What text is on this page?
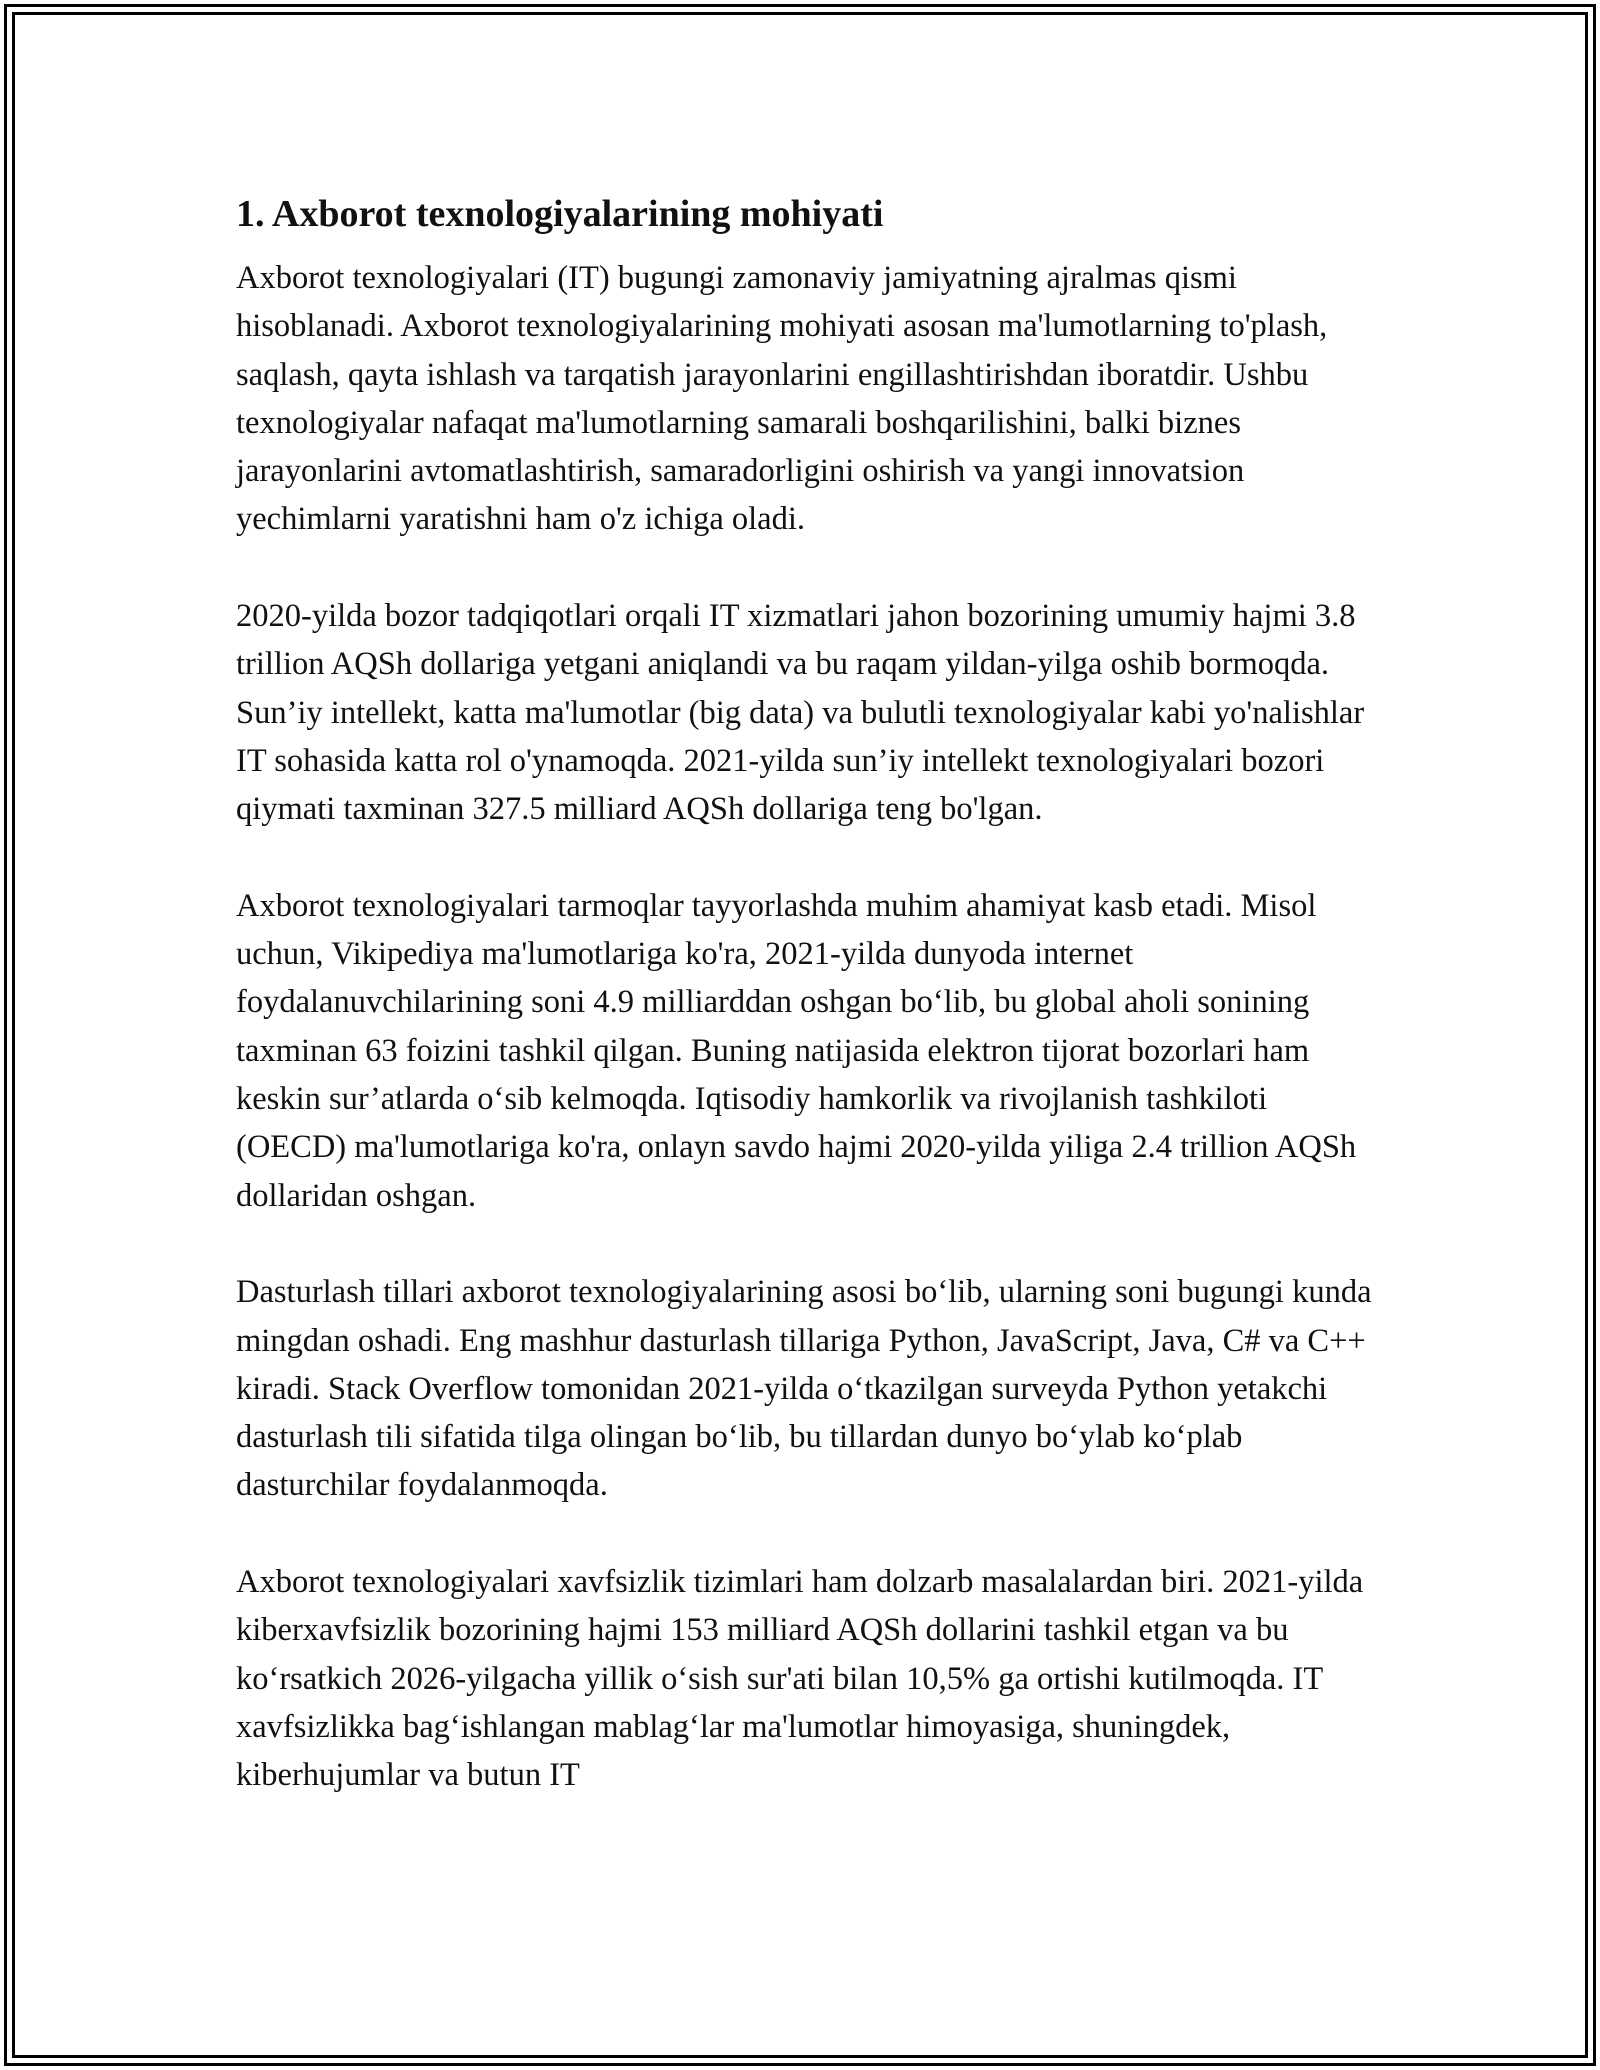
1. Axborot texnologiyalarining mohiyati

Axborot texnologiyalari (IT) bugungi zamonaviy jamiyatning ajralmas qismi hisoblanadi. Axborot texnologiyalarining mohiyati asosan ma'lumotlarning to'plash, saqlash, qayta ishlash va tarqatish jarayonlarini engillashtirishdan iboratdir. Ushbu texnologiyalar nafaqat ma'lumotlarning samarali boshqarilishini, balki biznes jarayonlarini avtomatlashtirish, samaradorligini oshirish va yangi innovatsion yechimlarni yaratishni ham o'z ichiga oladi.

2020-yilda bozor tadqiqotlari orqali IT xizmatlari jahon bozorining umumiy hajmi 3.8 trillion AQSh dollariga yetgani aniqlandi va bu raqam yildan-yilga oshib bormoqda. Sun’iy intellekt, katta ma'lumotlar (big data) va bulutli texnologiyalar kabi yo'nalishlar IT sohasida katta rol o'ynamoqda. 2021-yilda sun’iy intellekt texnologiyalari bozori qiymati taxminan 327.5 milliard AQSh dollariga teng bo'lgan.

Axborot texnologiyalari tarmoqlar tayyorlashda muhim ahamiyat kasb etadi. Misol uchun, Vikipediya ma'lumotlariga ko'ra, 2021-yilda dunyoda internet foydalanuvchilarining soni 4.9 milliarddan oshgan bo‘lib, bu global aholi sonining taxminan 63 foizini tashkil qilgan. Buning natijasida elektron tijorat bozorlari ham keskin sur’atlarda o‘sib kelmoqda. Iqtisodiy hamkorlik va rivojlanish tashkiloti (OECD) ma'lumotlariga ko'ra, onlayn savdo hajmi 2020-yilda yiliga 2.4 trillion AQSh dollaridan oshgan.

Dasturlash tillari axborot texnologiyalarining asosi bo‘lib, ularning soni bugungi kunda mingdan oshadi. Eng mashhur dasturlash tillariga Python, JavaScript, Java, C# va C++ kiradi. Stack Overflow tomonidan 2021-yilda o‘tkazilgan surveyda Python yetakchi dasturlash tili sifatida tilga olingan bo‘lib, bu tillardan dunyo bo‘ylab ko‘plab dasturchilar foydalanmoqda.

Axborot texnologiyalari xavfsizlik tizimlari ham dolzarb masalalardan biri. 2021-yilda kiberxavfsizlik bozorining hajmi 153 milliard AQSh dollarini tashkil etgan va bu ko‘rsatkich 2026-yilgacha yillik o‘sish sur'ati bilan 10,5% ga ortishi kutilmoqda. IT xavfsizlikka bag‘ishlangan mablag‘lar ma'lumotlar himoyasiga, shuningdek, kiberhujumlar va butun IT
